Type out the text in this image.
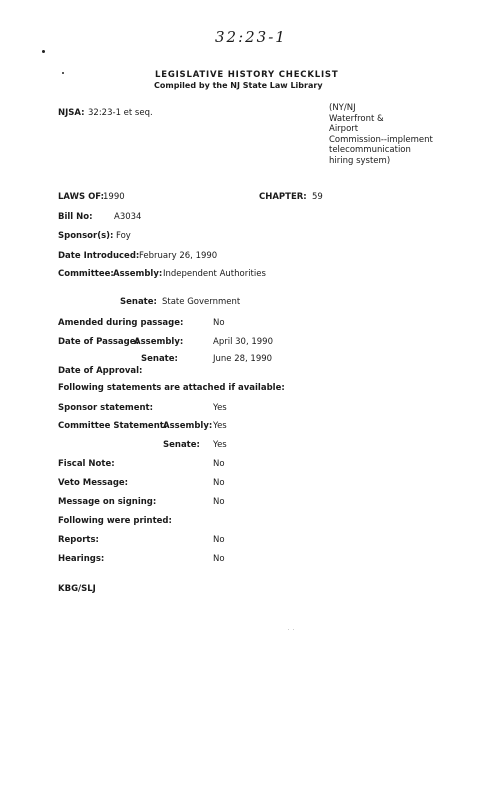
32:23-1
LEGISLATIVE HISTORY CHECKLIST
Compiled by the NJ State Law Library
NJSA: 32:23-1 et seq.	(NY/NJ
Waterfront &
Airport
Commission--implement
telecommunication
hiring system)
LAWS OF:
1990	CHAPTER: 59
Bill No:	A3034
Sponsor(s): Foy
Date Introduced: February 26, 1990
Committee: Assembly: Independent Authorities
Senate: State Government
Amended during passage:	No
Date of Passage:
Assembly:	April 30, 1990
Senate:	June 28, 1990
Date of Approval:
Following statements are attached if available:
Sponsor statement:	Yes
Committee Statement:
Assembly: Yes
Senate: Yes
Fiscal Note:	No
Veto Message:	No
Message on signing:	No
Following were printed:
Reports:	No
Hearings:	No
KBG/SLJ
